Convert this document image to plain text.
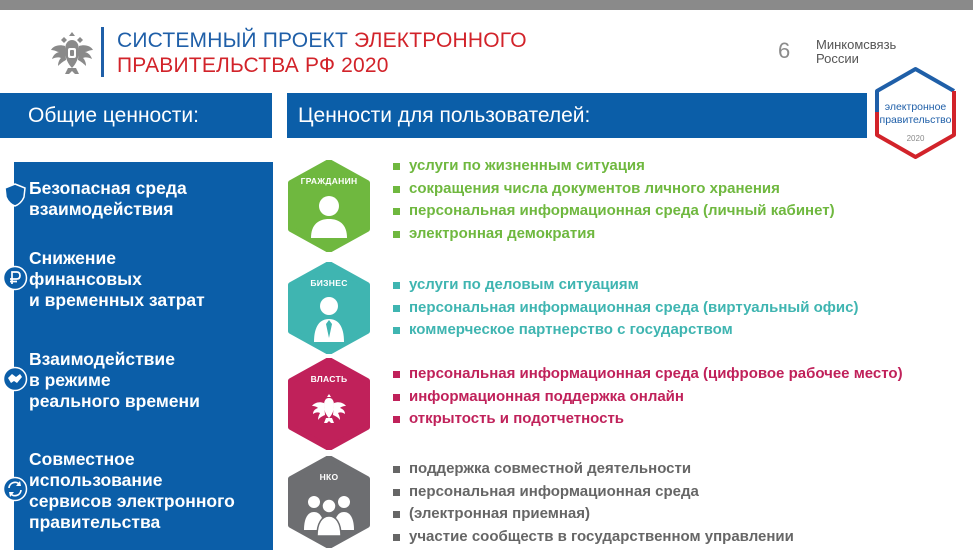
СИСТЕМНЫЙ ПРОЕКТ ЭЛЕКТРОННОГО
ПРАВИТЕЛЬСТВА РФ 2020
6 Минкомсвязь
России
электронное
правительство
2020
Общие ценности:	Ценности для пользователей:
Безопасная среда
взаимодействия
Снижение
финансовых
и временных затрат
Взаимодействие
в режиме
реального времени
Совместное
использование
сервисов электронного
правительства
ГРАЖДАНИН
БИЗНЕС
ВЛАСТЬ
НКО
услуги по жизненным ситуация
сокращения числа документов личного хранения
персональная информационная среда (личный кабинет)
электронная демократия
услуги по деловым ситуациям
персональная информационная среда (виртуальный офис)
коммерческое партнерство с государством
персональная информационная среда (цифровое рабочее место)
информационная поддержка онлайн
открытость и подотчетность
поддержка совместной деятельности
персональная информационная среда
(электронная приемная)
участие сообществ в государственном управлении
